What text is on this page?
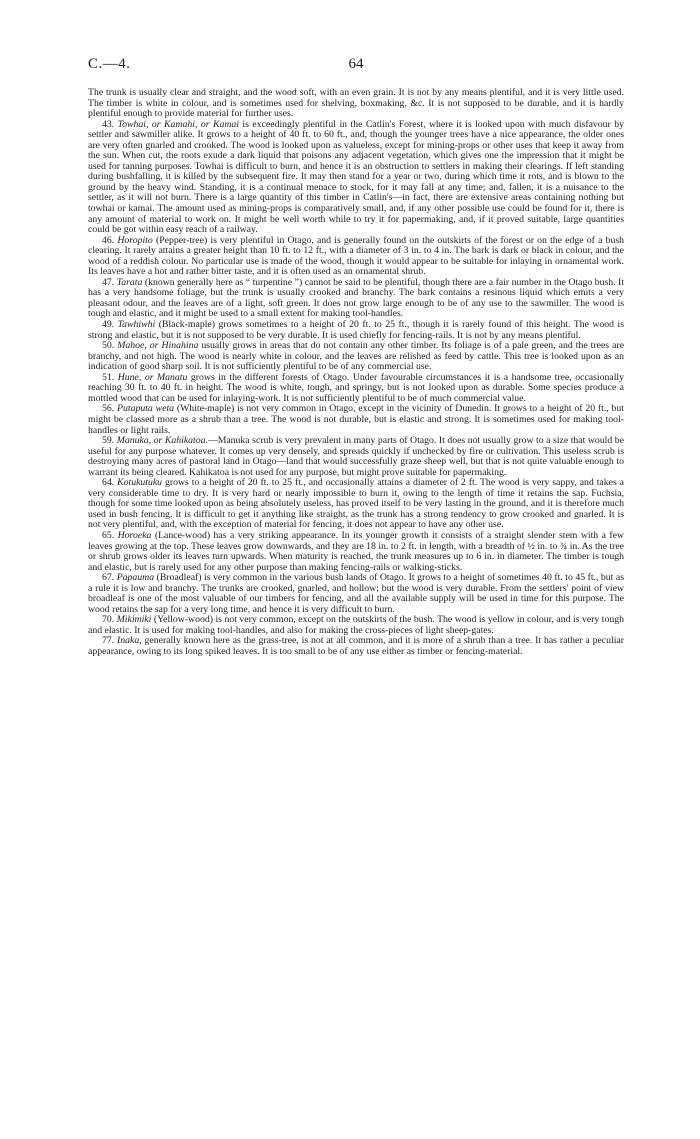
C.—4.	64

The trunk is usually clear and straight, and the wood soft, with an even grain. It is not by any means plentiful, and it is very little used. The timber is white in colour, and is sometimes used for shelving, boxmaking, &c. It is not supposed to be durable, and it is hardly plentiful enough to provide material for further uses.

43. Towhai, or Kamahi, or Kamai is exceedingly plentiful in the Catlin's Forest, where it is looked upon with much disfavour by settler and sawmiller alike. It grows to a height of 40 ft. to 60 ft., and, though the younger trees have a nice appearance, the older ones are very often gnarled and crooked. The wood is looked upon as valueless, except for mining-props or other uses that keep it away from the sun. When cut, the roots exude a dark liquid that poisons any adjacent vegetation, which gives one the impression that it might be used for tanning purposes. Towhai is difficult to burn, and hence it is an obstruction to settlers in making their clearings. If left standing during bushfalling, it is killed by the subsequent fire. It may then stand for a year or two, during which time it rots, and is blown to the ground by the heavy wind. Standing, it is a continual menace to stock, for it may fall at any time; and, fallen, it is a nuisance to the settler, as it will not burn. There is a large quantity of this timber in Catlin's—in fact, there are extensive areas containing nothing but towhai or kamai. The amount used as mining-props is comparatively small, and, if any other possible use could be found for it, there is any amount of material to work on. It might be well worth while to try it for papermaking, and, if it proved suitable, large quantities could be got within easy reach of a railway.

46. Horopito (Pepper-tree) is very plentiful in Otago, and is generally found on the outskirts of the forest or on the edge of a bush clearing. It rarely attains a greater height than 10 ft. to 12 ft., with a diameter of 3 in. to 4 in. The bark is dark or black in colour, and the wood of a reddish colour. No particular use is made of the wood, though it would appear to be suitable for inlaying in ornamental work. Its leaves have a hot and rather bitter taste, and it is often used as an ornamental shrub.

47. Tarata (known generally here as “ turpentine ”) cannot be said to be plentiful, though there are a fair number in the Otago bush. It has a very handsome foliage, but the trunk is usually crooked and branchy. The bark contains a resinous liquid which emits a very pleasant odour, and the leaves are of a light, soft green. It does not grow large enough to be of any use to the sawmiller. The wood is tough and elastic, and it might be used to a small extent for making tool-handles.

49. Tawhiwhi (Black-maple) grows sometimes to a height of 20 ft. to 25 ft., though it is rarely found of this height. The wood is strong and elastic, but it is not supposed to be very durable. It is used chiefly for fencing-rails. It is not by any means plentiful.

50. Mahoe, or Hinahina usually grows in areas that do not contain any other timber. Its foliage is of a pale green, and the trees are branchy, and not high. The wood is nearly white in colour, and the leaves are relished as feed by cattle. This tree is looked upon as an indication of good sharp soil. It is not sufficiently plentiful to be of any commercial use.

51. Hune, or Manatu grows in the different forests of Otago. Under favourable circumstances it is a handsome tree, occasionally reaching 30 ft. to 40 ft. in height. The wood is white, tough, and springy, but is not looked upon as durable. Some species produce a mottled wood that can be used for inlaying-work. It is not sufficiently plentiful to be of much commercial value.

56. Putaputa weta (White-maple) is not very common in Otago, except in the vicinity of Dunedin. It grows to a height of 20 ft., but might be classed more as a shrub than a tree. The wood is not durable, but is elastic and strong. It is sometimes used for making tool-handles or light rails.

59. Manuka, or Kahikatoa.—Manuka scrub is very prevalent in many parts of Otago. It does not usually grow to a size that would be useful for any purpose whatever. It comes up very densely, and spreads quickly if unchecked by fire or cultivation. This useless scrub is destroying many acres of pastoral land in Otago—land that would successfully graze sheep well, but that is not quite valuable enough to warrant its being cleared. Kahikatoa is not used for any purpose, but might prove suitable for papermaking.

64. Kotukutuku grows to a height of 20 ft. to 25 ft., and occasionally attains a diameter of 2 ft. The wood is very sappy, and takes a very considerable time to dry. It is very hard or nearly impossible to burn it, owing to the length of time it retains the sap. Fuchsia, though for some time looked upon as being absolutely useless, has proved itself to be very lasting in the ground, and it is therefore much used in bush fencing. It is difficult to get it anything like straight, as the trunk has a strong tendency to grow crooked and gnarled. It is not very plentiful, and, with the exception of material for fencing, it does not appear to have any other use.

65. Horoeka (Lance-wood) has a very striking appearance. In its younger growth it consists of a straight slender stem with a few leaves growing at the top. These leaves grow downwards, and they are 18 in. to 2 ft. in length, with a breadth of ½ in. to ¾ in. As the tree or shrub grows older its leaves turn upwards. When maturity is reached, the trunk measures up to 6 in. in diameter. The timber is tough and elastic, but is rarely used for any other purpose than making fencing-rails or walking-sticks.

67. Papauma (Broadleaf) is very common in the various bush lands of Otago. It grows to a height of sometimes 40 ft. to 45 ft., but as a rule it is low and branchy. The trunks are crooked, gnarled, and hollow; but the wood is very durable. From the settlers' point of view broadleaf is one of the most valuable of our timbers for fencing, and all the available supply will be used in time for this purpose. The wood retains the sap for a very long time, and hence it is very difficult to burn.

70. Mikimiki (Yellow-wood) is not very common, except on the outskirts of the bush. The wood is yellow in colour, and is very tough and elastic. It is used for making tool-handles, and also for making the cross-pieces of light sheep-gates.

77. Inaka, generally known here as the grass-tree, is not at all common, and it is more of a shrub than a tree. It has rather a peculiar appearance, owing to its long spiked leaves. It is too small to be of any use either as timber or fencing-material.
